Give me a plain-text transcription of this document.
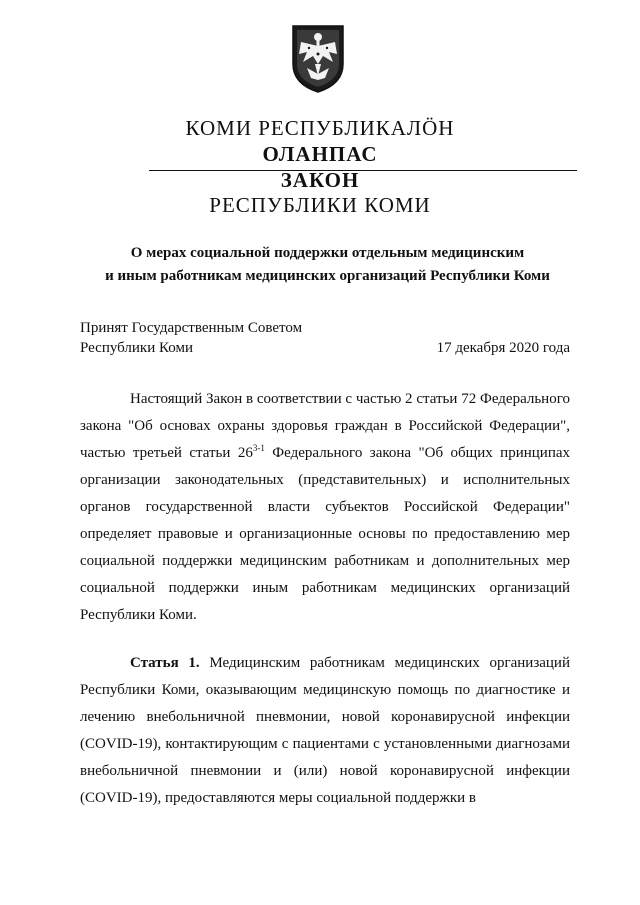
КОМИ РЕСПУБЛИКАЛӦН
ОЛАНПАС
ЗАКОН
РЕСПУБЛИКИ КОМИ
О мерах социальной поддержки отдельным медицинским
и иным работникам медицинских организаций Республики Коми
Принят Государственным Советом
Республики Коми	17 декабря 2020 года
Настоящий Закон в соответствии с частью 2 статьи 72 Федерального закона "Об основах охраны здоровья граждан в Российской Федерации", частью третьей статьи 26$^{3-1}$ Федерального закона "Об общих принципах организации законодательных (представительных) и исполнительных органов государственной власти субъектов Российской Федерации" определяет правовые и организационные основы по предоставлению мер социальной поддержки медицинским работникам и дополнительных мер социальной поддержки иным работникам медицинских организаций Республики Коми.
Статья 1. Медицинским работникам медицинских организаций Республики Коми, оказывающим медицинскую помощь по диагностике и лечению внебольничной пневмонии, новой коронавирусной инфекции (COVID-19), контактирующим с пациентами с установленными диагнозами внебольничной пневмонии и (или) новой коронавирусной инфекции (COVID-19), предоставляются меры социальной поддержки в
